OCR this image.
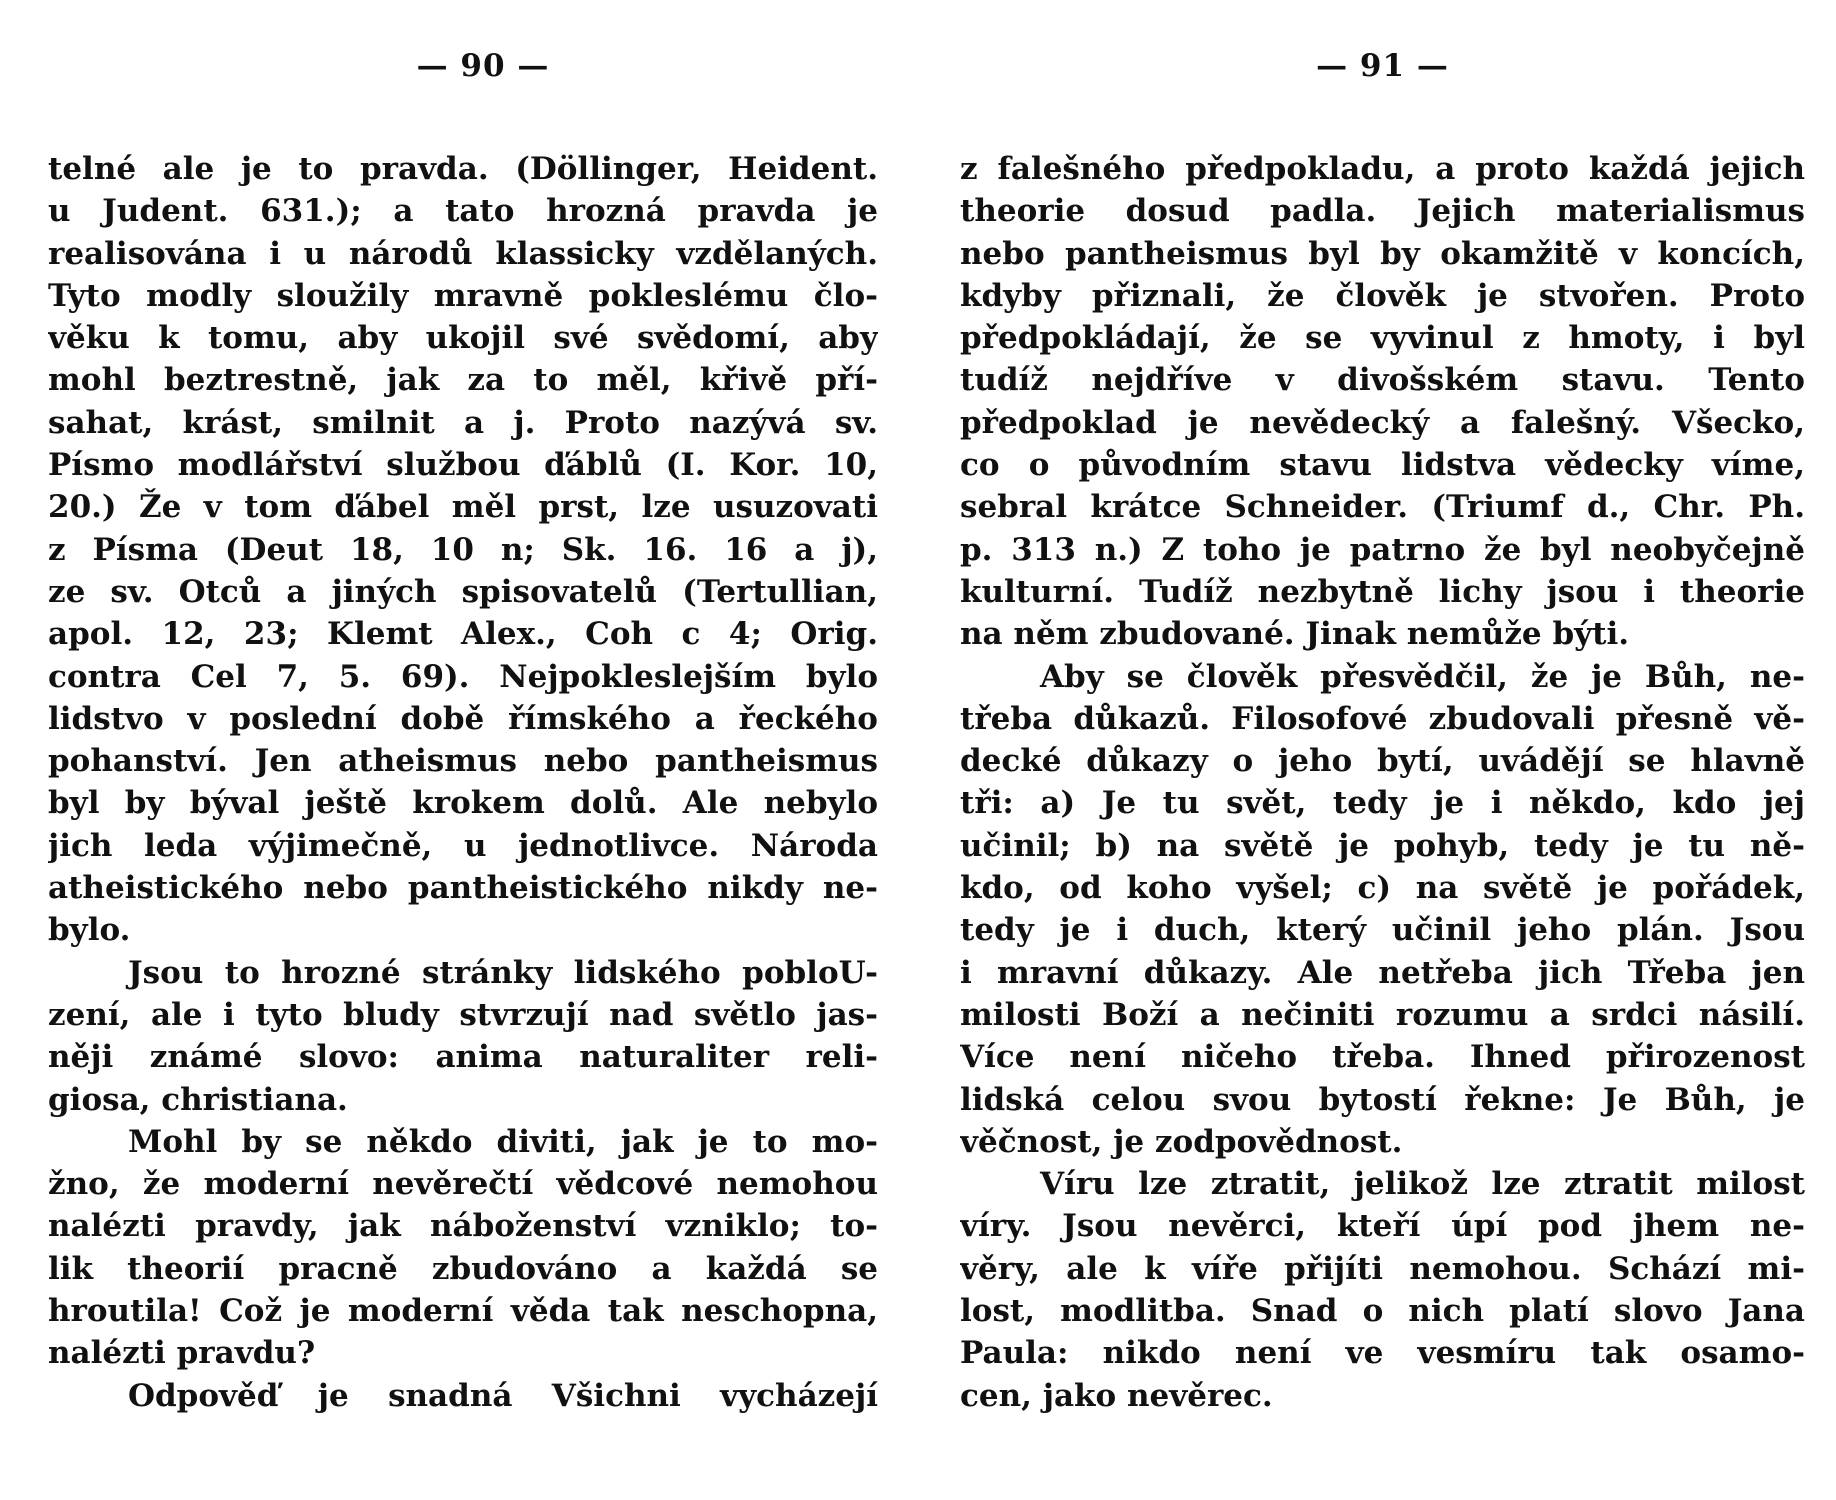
— 90 —
telné ale je to pravda. (Döllinger, Heident.
u Judent. 631.); a tato hrozná pravda je
realisována i u národů klassicky vzdělaných.
Tyto modly sloužily mravně pokleslému člo-
věku k tomu, aby ukojil své svědomí, aby
mohl beztrestně, jak za to měl, křivě pří-
sahat, krást, smilnit a j. Proto nazývá sv.
Písmo modlářství službou ďáblů (I. Kor. 10,
20.) Že v tom ďábel měl prst, lze usuzovati
z Písma (Deut 18, 10 n; Sk. 16. 16 a j),
ze sv. Otců a jiných spisovatelů (Tertullian,
apol. 12, 23; Klemt Alex., Coh c 4; Orig.
contra Cel 7, 5. 69). Nejpokleslejším bylo
lidstvo v poslední době římského a řeckého
pohanství. Jen atheismus nebo pantheismus
byl by býval ještě krokem dolů. Ale nebylo
jich leda výjimečně, u jednotlivce. Národa
atheistického nebo pantheistického nikdy ne-
bylo.
Jsou to hrozné stránky lidského pobloU-
zení, ale i tyto bludy stvrzují nad světlo jas-
něji známé slovo: anima naturaliter reli-
giosa, christiana.
Mohl by se někdo diviti, jak je to mo-
žno, že moderní nevěrečtí vědcové nemohou
nalézti pravdy, jak náboženství vzniklo; to-
lik theorií pracně zbudováno a každá se
hroutila! Což je moderní věda tak neschopna,
nalézti pravdu?
Odpověď je snadná Všichni vycházejí
— 91 —
z falešného předpokladu, a proto každá jejich
theorie dosud padla. Jejich materialismus
nebo pantheismus byl by okamžitě v koncích,
kdyby přiznali, že člověk je stvořen. Proto
předpokládají, že se vyvinul z hmoty, i byl
tudíž nejdříve v divošském stavu. Tento
předpoklad je nevědecký a falešný. Všecko,
co o původním stavu lidstva vědecky víme,
sebral krátce Schneider. (Triumf d., Chr. Ph.
p. 313 n.) Z toho je patrno že byl neobyčejně
kulturní. Tudíž nezbytně lichy jsou i theorie
na něm zbudované. Jinak nemůže býti.
Aby se člověk přesvědčil, že je Bůh, ne-
třeba důkazů. Filosofové zbudovali přesně vě-
decké důkazy o jeho bytí, uvádějí se hlavně
tři: a) Je tu svět, tedy je i někdo, kdo jej
učinil; b) na světě je pohyb, tedy je tu ně-
kdo, od koho vyšel; c) na světě je pořádek,
tedy je i duch, který učinil jeho plán. Jsou
i mravní důkazy. Ale netřeba jich Třeba jen
milosti Boží a nečiniti rozumu a srdci násilí.
Více není ničeho třeba. Ihned přirozenost
lidská celou svou bytostí řekne: Je Bůh, je
věčnost, je zodpovědnost.
Víru lze ztratit, jelikož lze ztratit milost
víry. Jsou nevěrci, kteří úpí pod jhem ne-
věry, ale k víře přijíti nemohou. Schází mi-
lost, modlitba. Snad o nich platí slovo Jana
Paula: nikdo není ve vesmíru tak osamo-
cen, jako nevěrec.
